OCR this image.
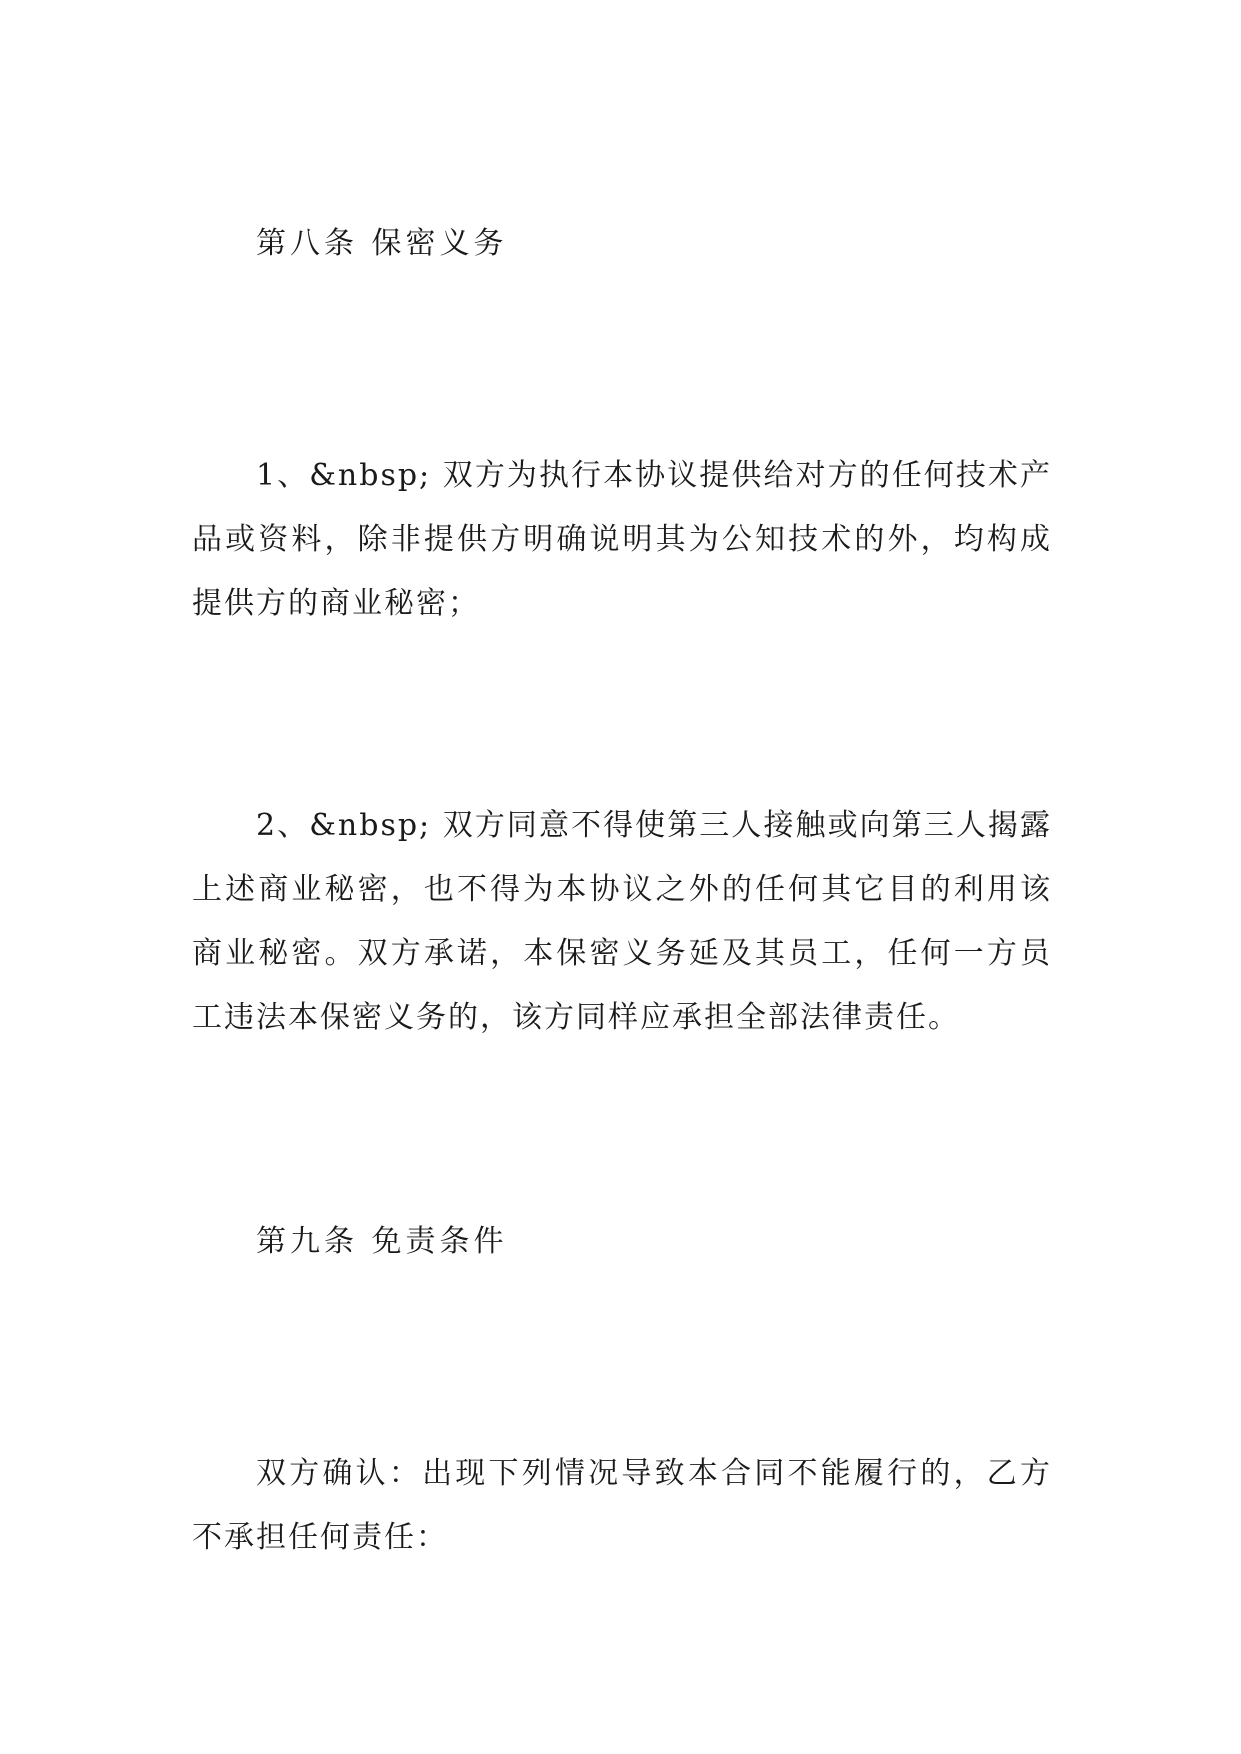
第八条 保密义务
1、&nbsp; 双方为执行本协议提供给对方的任何技术产品或资料，除非提供方明确说明其为公知技术的外，均构成提供方的商业秘密；
2、&nbsp; 双方同意不得使第三人接触或向第三人揭露上述商业秘密，也不得为本协议之外的任何其它目的利用该商业秘密。双方承诺，本保密义务延及其员工，任何一方员工违法本保密义务的，该方同样应承担全部法律责任。
第九条 免责条件
双方确认：出现下列情况导致本合同不能履行的，乙方不承担任何责任：
